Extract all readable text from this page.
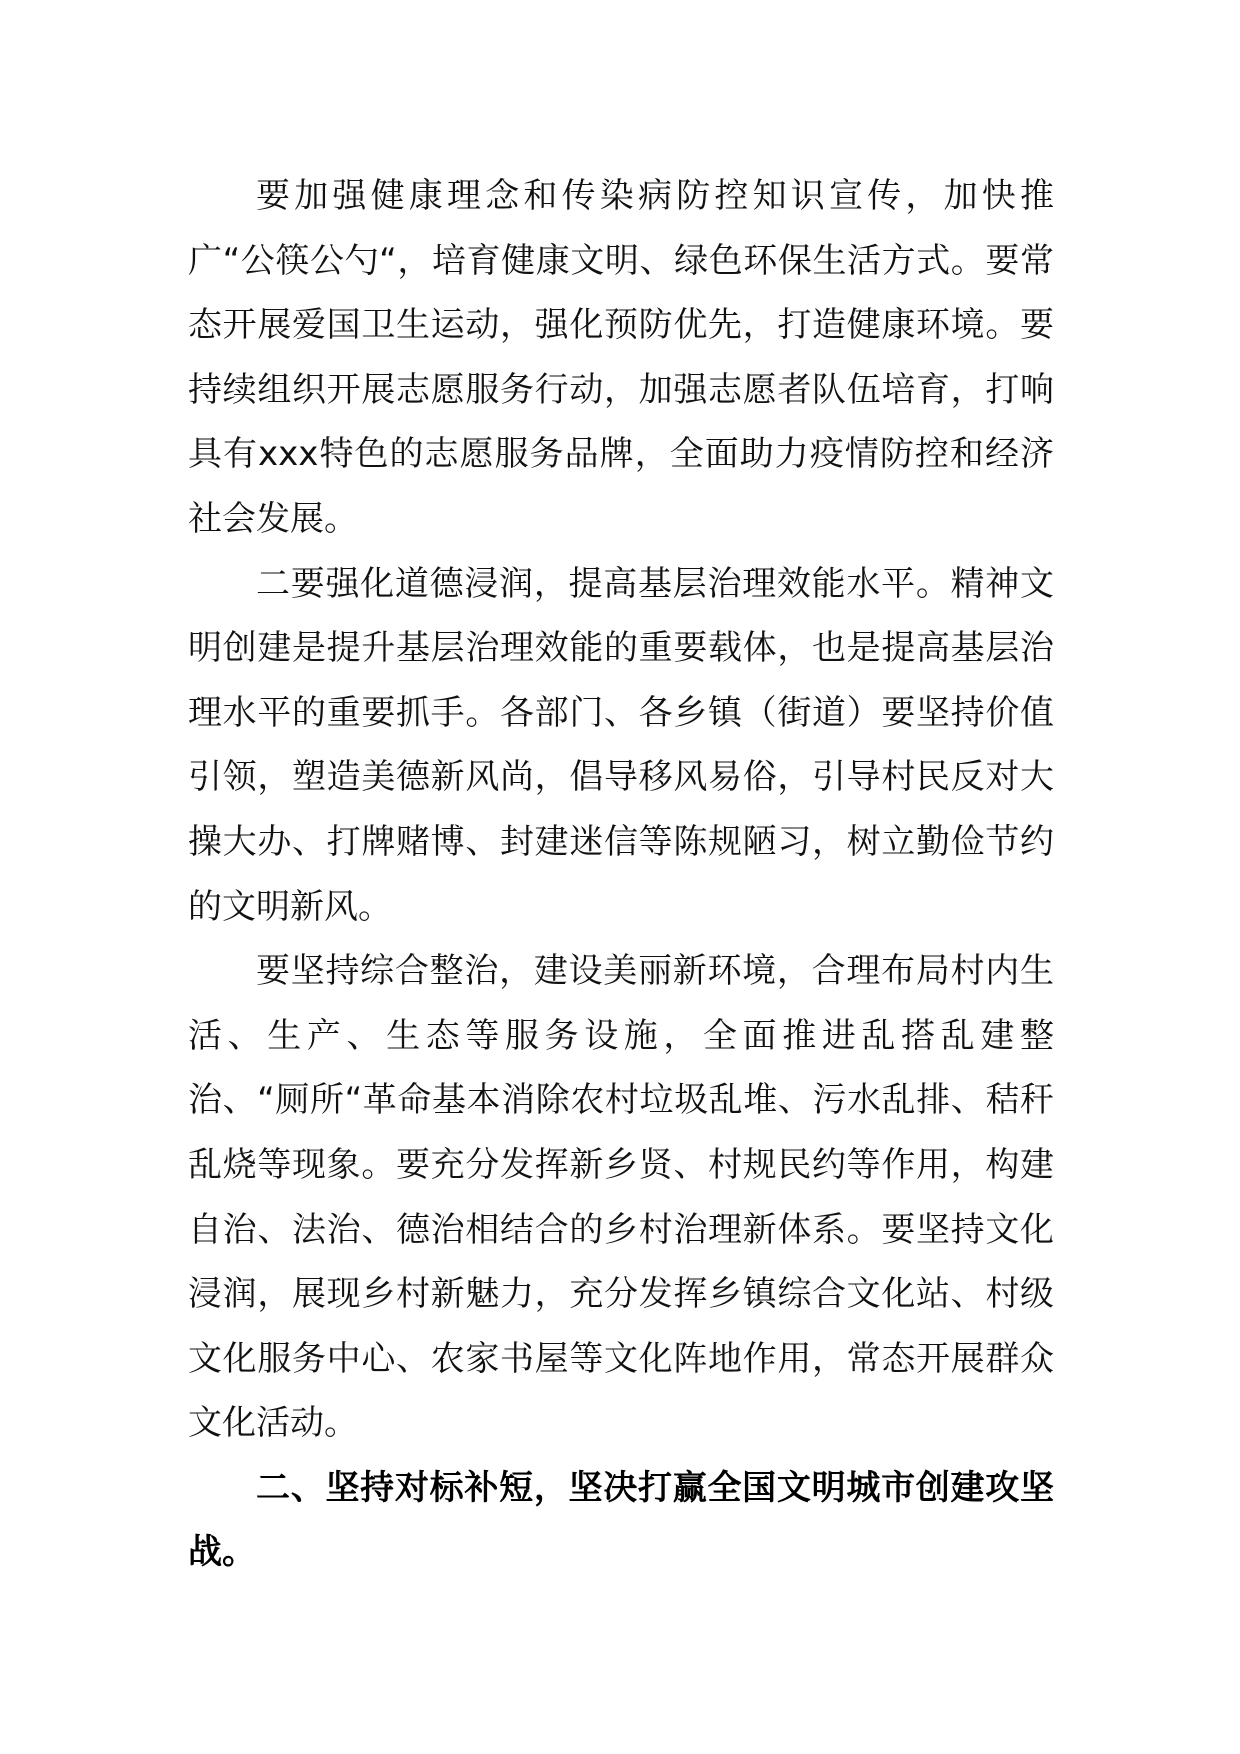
要加强健康理念和传染病防控知识宣传，加快推广“公筷公勺“，培育健康文明、绿色环保生活方式。要常态开展爱国卫生运动，强化预防优先，打造健康环境。要持续组织开展志愿服务行动，加强志愿者队伍培育，打响具有xxx特色的志愿服务品牌，全面助力疫情防控和经济社会发展。

二要强化道德浸润，提高基层治理效能水平。精神文明创建是提升基层治理效能的重要载体，也是提高基层治理水平的重要抓手。各部门、各乡镇（街道）要坚持价值引领，塑造美德新风尚，倡导移风易俗，引导村民反对大操大办、打牌赌博、封建迷信等陈规陋习，树立勤俭节约的文明新风。

要坚持综合整治，建设美丽新环境，合理布局村内生活、生产、生态等服务设施，全面推进乱搭乱建整治、“厕所“革命基本消除农村垃圾乱堆、污水乱排、秸秆乱烧等现象。要充分发挥新乡贤、村规民约等作用，构建自治、法治、德治相结合的乡村治理新体系。要坚持文化浸润，展现乡村新魅力，充分发挥乡镇综合文化站、村级文化服务中心、农家书屋等文化阵地作用，常态开展群众文化活动。

二、坚持对标补短，坚决打赢全国文明城市创建攻坚战。
